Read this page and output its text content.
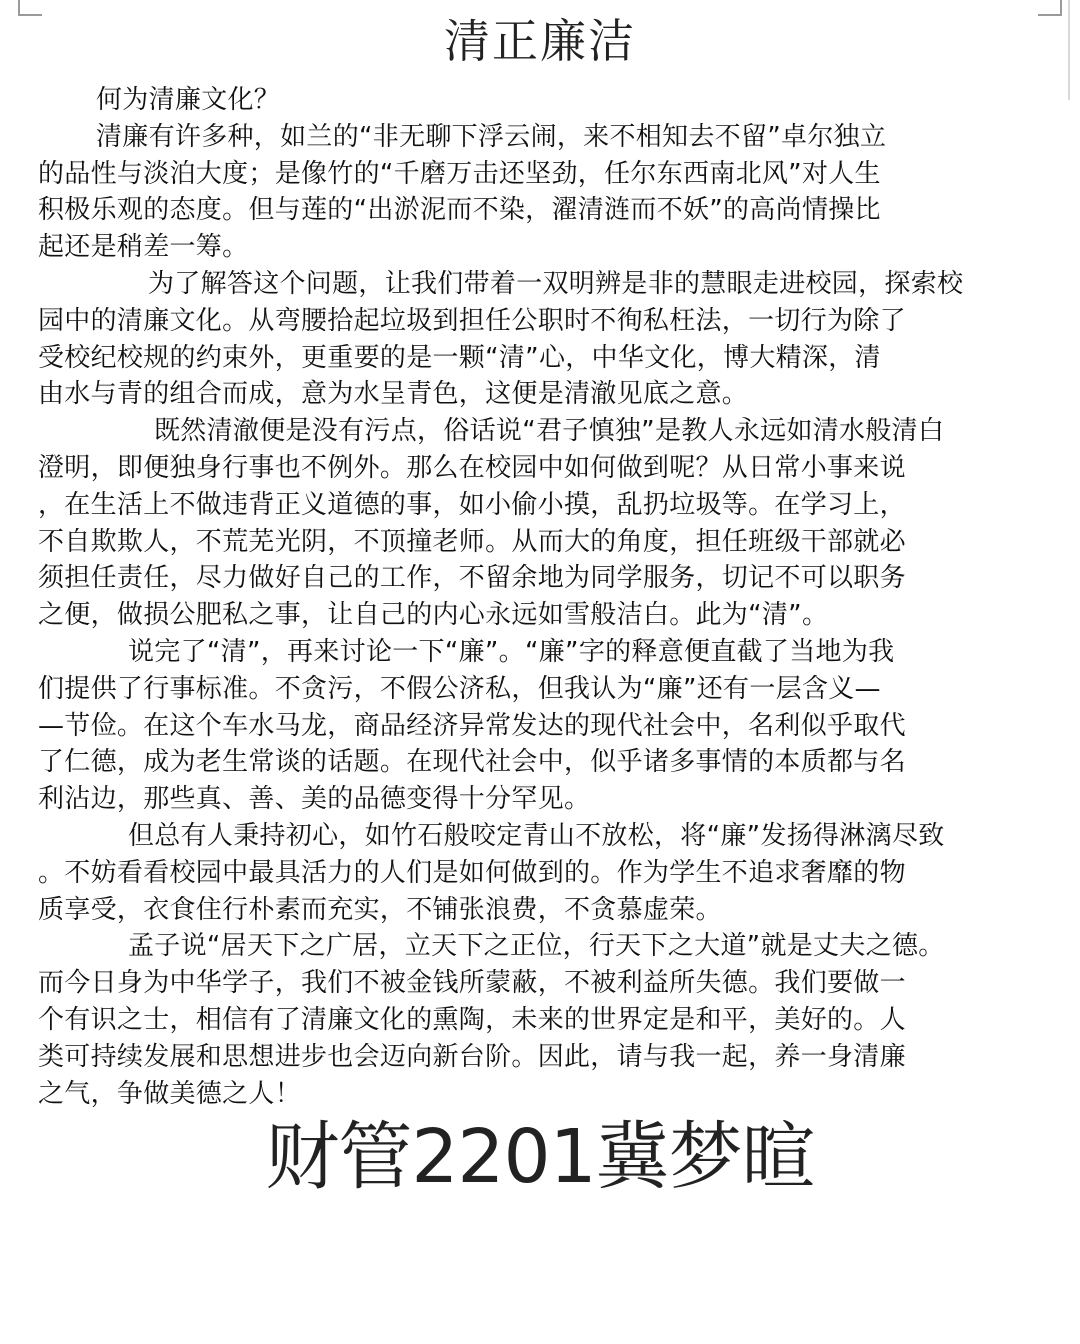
清正廉洁
何为清廉文化？
清廉有许多种，如兰的“非无聊下浮云闹，来不相知去不留”卓尔独立
的品性与淡泊大度；是像竹的“千磨万击还坚劲，任尔东西南北风”对人生
积极乐观的态度。但与莲的“出淤泥而不染，濯清涟而不妖”的高尚情操比
起还是稍差一筹。
为了解答这个问题，让我们带着一双明辨是非的慧眼走进校园，探索校
园中的清廉文化。从弯腰拾起垃圾到担任公职时不徇私枉法，一切行为除了
受校纪校规的约束外，更重要的是一颗“清”心，中华文化，博大精深，清
由水与青的组合而成，意为水呈青色，这便是清澈见底之意。
既然清澈便是没有污点，俗话说“君子慎独”是教人永远如清水般清白
澄明，即便独身行事也不例外。那么在校园中如何做到呢？从日常小事来说
，在生活上不做违背正义道德的事，如小偷小摸，乱扔垃圾等。在学习上，
不自欺欺人，不荒芜光阴，不顶撞老师。从而大的角度，担任班级干部就必
须担任责任，尽力做好自己的工作，不留余地为同学服务，切记不可以职务
之便，做损公肥私之事，让自己的内心永远如雪般洁白。此为“清”。
说完了“清”，再来讨论一下“廉”。“廉”字的释意便直截了当地为我
们提供了行事标准。不贪污，不假公济私，但我认为“廉”还有一层含义—
—节俭。在这个车水马龙，商品经济异常发达的现代社会中，名利似乎取代
了仁德，成为老生常谈的话题。在现代社会中，似乎诸多事情的本质都与名
利沾边，那些真、善、美的品德变得十分罕见。
但总有人秉持初心，如竹石般咬定青山不放松，将“廉”发扬得淋漓尽致
。不妨看看校园中最具活力的人们是如何做到的。作为学生不追求奢靡的物
质享受，衣食住行朴素而充实，不铺张浪费，不贪慕虚荣。
孟子说“居天下之广居，立天下之正位，行天下之大道”就是丈夫之德。
而今日身为中华学子，我们不被金钱所蒙蔽，不被利益所失德。我们要做一
个有识之士，相信有了清廉文化的熏陶，未来的世界定是和平，美好的。人
类可持续发展和思想进步也会迈向新台阶。因此，请与我一起，养一身清廉
之气，争做美德之人！
财管2201冀梦暄
